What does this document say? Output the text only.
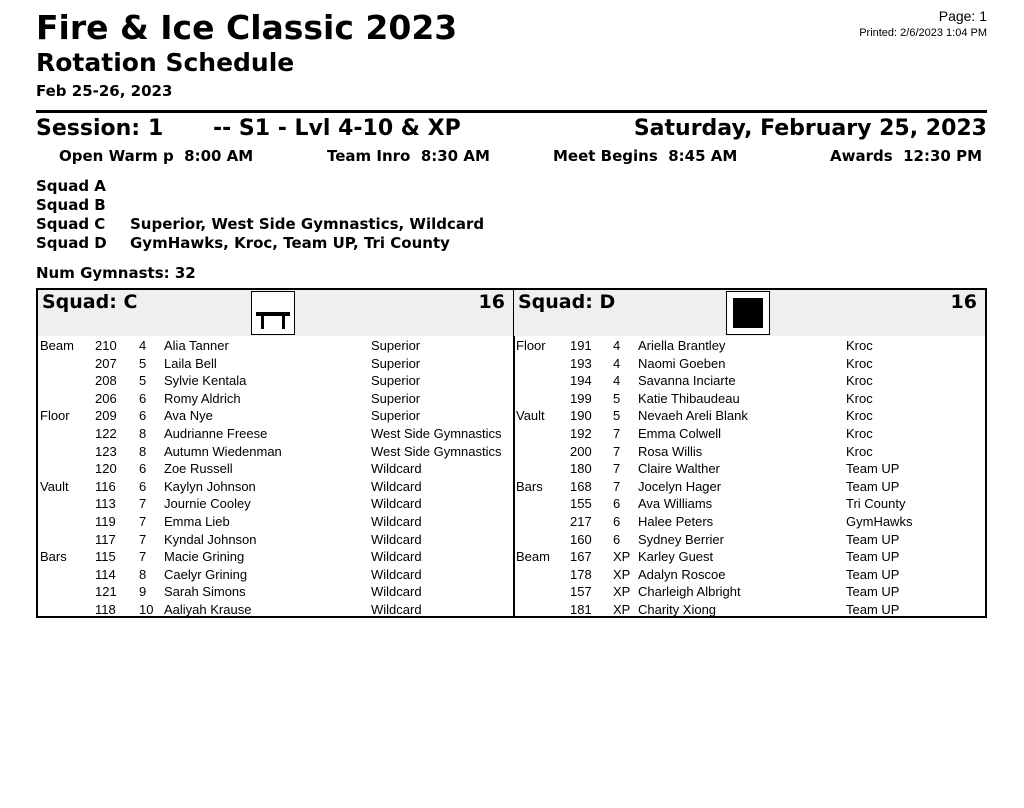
Fire & Ice Classic 2023
Rotation Schedule
Feb 25-26, 2023
Page: 1
Printed: 2/6/2023 1:04 PM
Session: 1 -- S1 - Lvl 4-10 & XP	Saturday, February 25, 2023
Open Warm p 8:00 AM	Team Inro 8:30 AM	Meet Begins 8:45 AM	Awards 12:30 PM
Squad A
Squad B
Squad C Superior, West Side Gymnastics, Wildcard
Squad D GymHawks, Kroc, Team UP, Tri County
Num Gymnasts: 32
Squad: C	16
Beam 210 4 Alia Tanner	Superior
207 5 Laila Bell	Superior
208 5 Sylvie Kentala	Superior
206 6 Romy Aldrich	Superior
Floor 209 6 Ava Nye	Superior
122 8 Audrianne Freese	West Side Gymnastics
123 8 Autumn Wiedenman	West Side Gymnastics
120 6 Zoe Russell	Wildcard
Vault 116 6 Kaylyn Johnson	Wildcard
113 7 Journie Cooley	Wildcard
119 7 Emma Lieb	Wildcard
117 7 Kyndal Johnson	Wildcard
Bars 115 7 Macie Grining	Wildcard
114 8 Caelyr Grining	Wildcard
121 9 Sarah Simons	Wildcard
118 10 Aaliyah Krause	Wildcard
Squad: D	16
Floor 191 4 Ariella Brantley	Kroc
193 4 Naomi Goeben	Kroc
194 4 Savanna Inciarte	Kroc
199 5 Katie Thibaudeau	Kroc
Vault 190 5 Nevaeh Areli Blank	Kroc
192 7 Emma Colwell	Kroc
200 7 Rosa Willis	Kroc
180 7 Claire Walther	Team UP
Bars 168 7 Jocelyn Hager	Team UP
155 6 Ava Williams	Tri County
217 6 Halee Peters	GymHawks
160 6 Sydney Berrier	Team UP
Beam 167 XP Karley Guest	Team UP
178 XP Adalyn Roscoe	Team UP
157 XP Charleigh Albright	Team UP
181 XP Charity Xiong	Team UP
